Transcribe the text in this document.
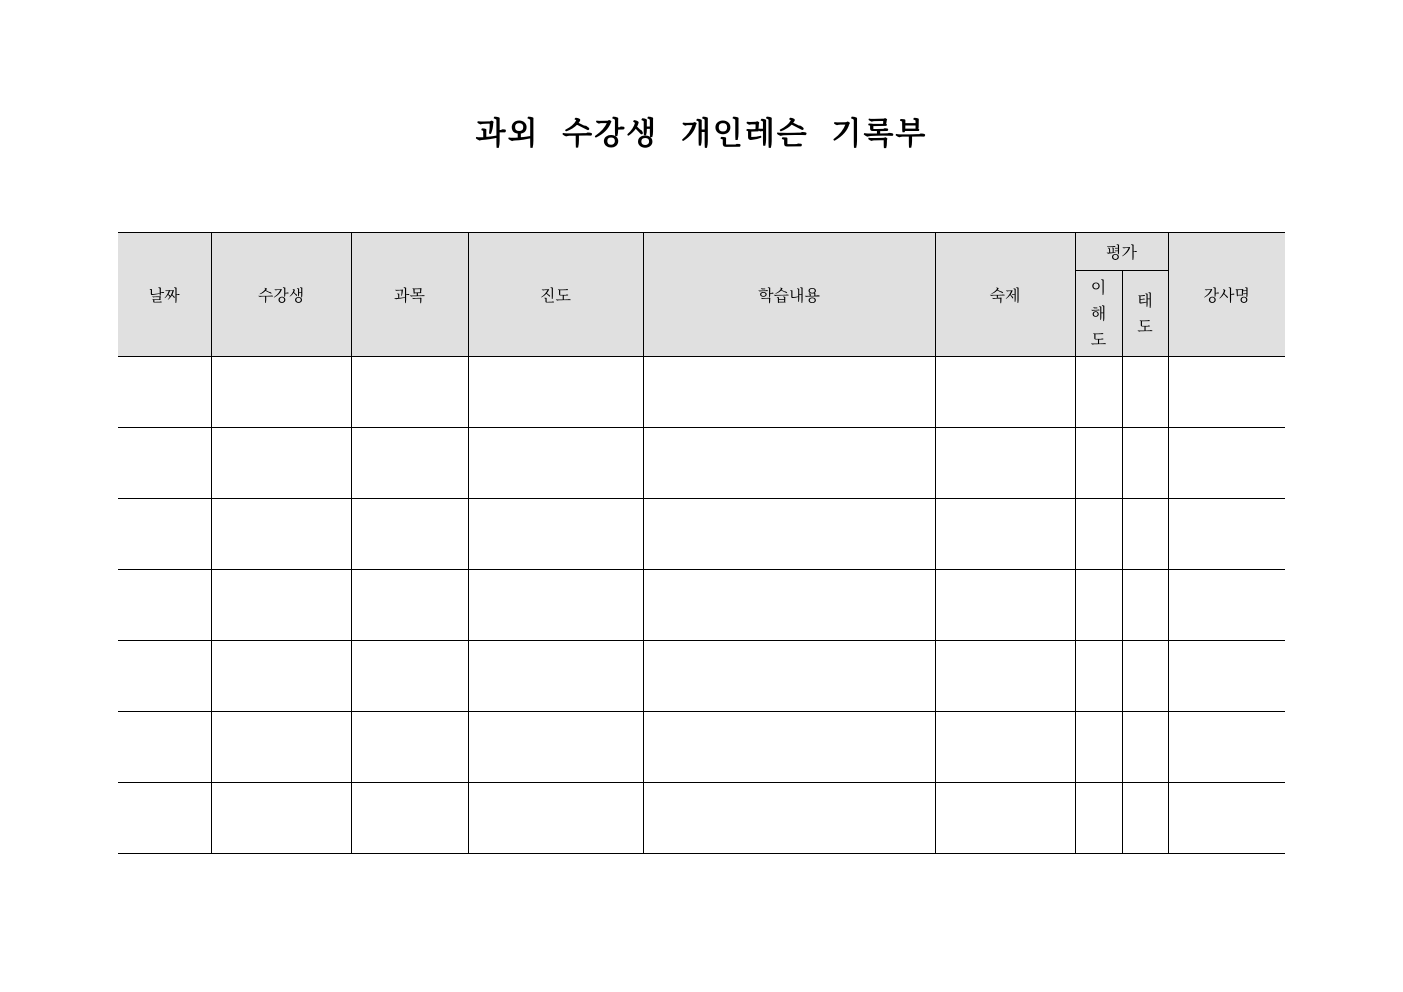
과외 수강생 개인레슨 기록부
날짜	수강생	과목	진도	학습내용	숙제	평가		강사명
						이해도	태도	
